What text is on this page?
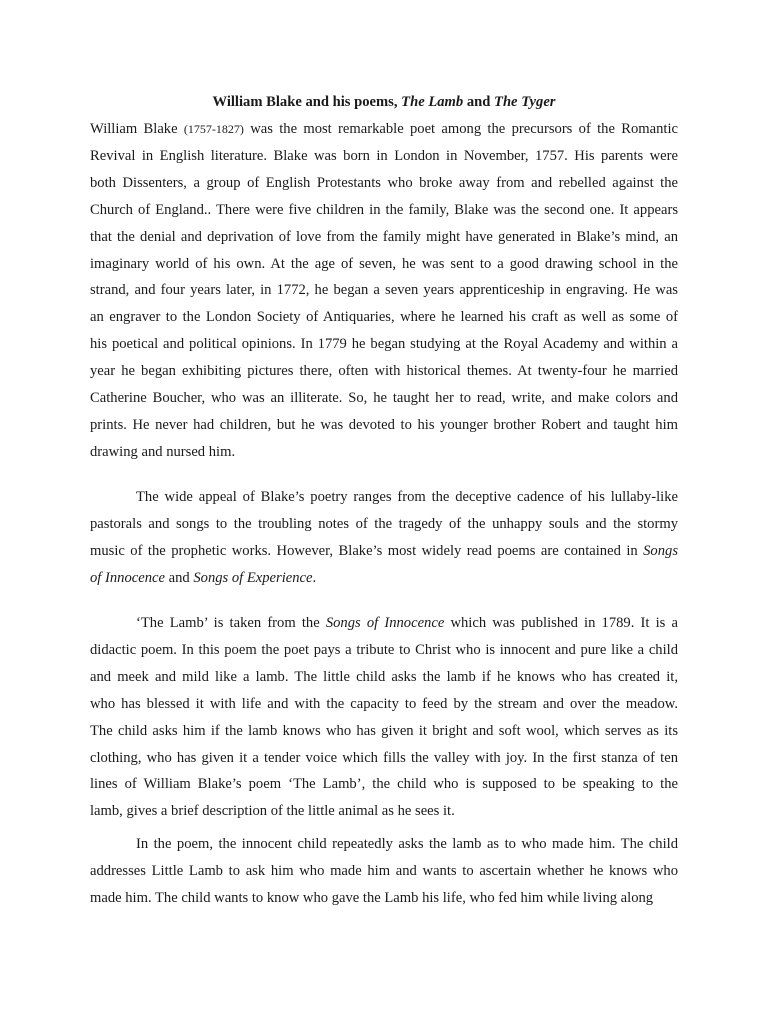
William Blake and his poems, The Lamb and The Tyger
William Blake (1757-1827) was the most remarkable poet among the precursors of the Romantic
Revival in English literature. Blake was born in London in November, 1757. His parents were
both Dissenters, a group of English Protestants who broke away from and rebelled against the
Church of England.. There were five children in the family, Blake was the second one. It appears
that the denial and deprivation of love from the family might have generated in Blake’s mind, an
imaginary world of his own. At the age of seven, he was sent to a good drawing school in the
strand, and four years later, in 1772, he began a seven years apprenticeship in engraving. He was
an engraver to the London Society of Antiquaries, where he learned his craft as well as some of
his poetical and political opinions. In 1779 he began studying at the Royal Academy and within a
year he began exhibiting pictures there, often with historical themes. At twenty-four he married
Catherine Boucher, who was an illiterate. So, he taught her to read, write, and make colors and
prints. He never had children, but he was devoted to his younger brother Robert and taught him
drawing and nursed him.
The wide appeal of Blake’s poetry ranges from the deceptive cadence of his lullaby-like
pastorals and songs to the troubling notes of the tragedy of the unhappy souls and the stormy
music of the prophetic works. However, Blake’s most widely read poems are contained in Songs
of Innocence and Songs of Experience.
‘The Lamb’ is taken from the Songs of Innocence which was published in 1789. It is a
didactic poem. In this poem the poet pays a tribute to Christ who is innocent and pure like a child
and meek and mild like a lamb. The little child asks the lamb if he knows who has created it,
who has blessed it with life and with the capacity to feed by the stream and over the meadow.
The child asks him if the lamb knows who has given it bright and soft wool, which serves as its
clothing, who has given it a tender voice which fills the valley with joy. In the first stanza of ten
lines of William Blake’s poem ‘The Lamb’, the child who is supposed to be speaking to the
lamb, gives a brief description of the little animal as he sees it.
In the poem, the innocent child repeatedly asks the lamb as to who made him. The child
addresses Little Lamb to ask him who made him and wants to ascertain whether he knows who
made him. The child wants to know who gave the Lamb his life, who fed him while living along
